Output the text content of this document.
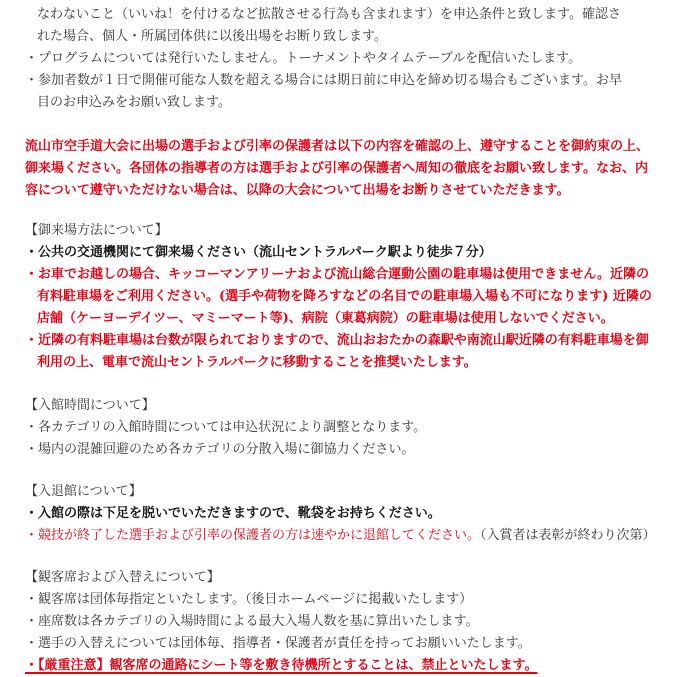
なわないこと（いいね！を付けるなど拡散させる行為も含まれます）を申込条件と致します。確認さ
れた場合、個人・所属団体供に以後出場をお断り致します。
・プログラムについては発行いたしません。トーナメントやタイムテーブルを配信いたします。
・参加者数が１日で開催可能な人数を超える場合には期日前に申込を締め切る場合もございます。お早
目のお申込みをお願い致します。
流山市空手道大会に出場の選手および引率の保護者は以下の内容を確認の上、遵守することを御約束の上、
御来場ください。各団体の指導者の方は選手および引率の保護者へ周知の徹底をお願い致します。なお、内
容について遵守いただけない場合は、以降の大会について出場をお断りさせていただきます。
【御来場方法について】
・公共の交通機関にて御来場ください（流山セントラルパーク駅より徒歩７分）
・お車でお越しの場合、キッコーマンアリーナおよび流山総合運動公園の駐車場は使用できません。近隣の
有料駐車場をご利用ください。(選手や荷物を降ろすなどの名目での駐車場入場も不可になります) 近隣の
店舗（ケーヨーデイツー、マミーマート等)、病院（東葛病院）の駐車場は使用しないでください。
・近隣の有料駐車場は台数が限られておりますので、流山おおたかの森駅や南流山駅近隣の有料駐車場を御
利用の上、電車で流山セントラルパークに移動することを推奨いたします。
【入館時間について】
・各カテゴリの入館時間については申込状況により調整となります。
・場内の混雑回避のため各カテゴリの分散入場に御協力ください。
【入退館について】
・入館の際は下足を脱いでいただきますので、靴袋をお持ちください。
・競技が終了した選手および引率の保護者の方は速やかに退館してください。（入賞者は表彰が終わり次第）
【観客席および入替えについて】
・観客席は団体毎指定といたします。（後日ホームページに掲載いたします）
・座席数は各カテゴリの入場時間による最大入場人数を基に算出いたします。
・選手の入替えについては団体毎、指導者・保護者が責任を持ってお願いいたします。
・【厳重注意】観客席の通路にシート等を敷き待機所とすることは、禁止といたします。
